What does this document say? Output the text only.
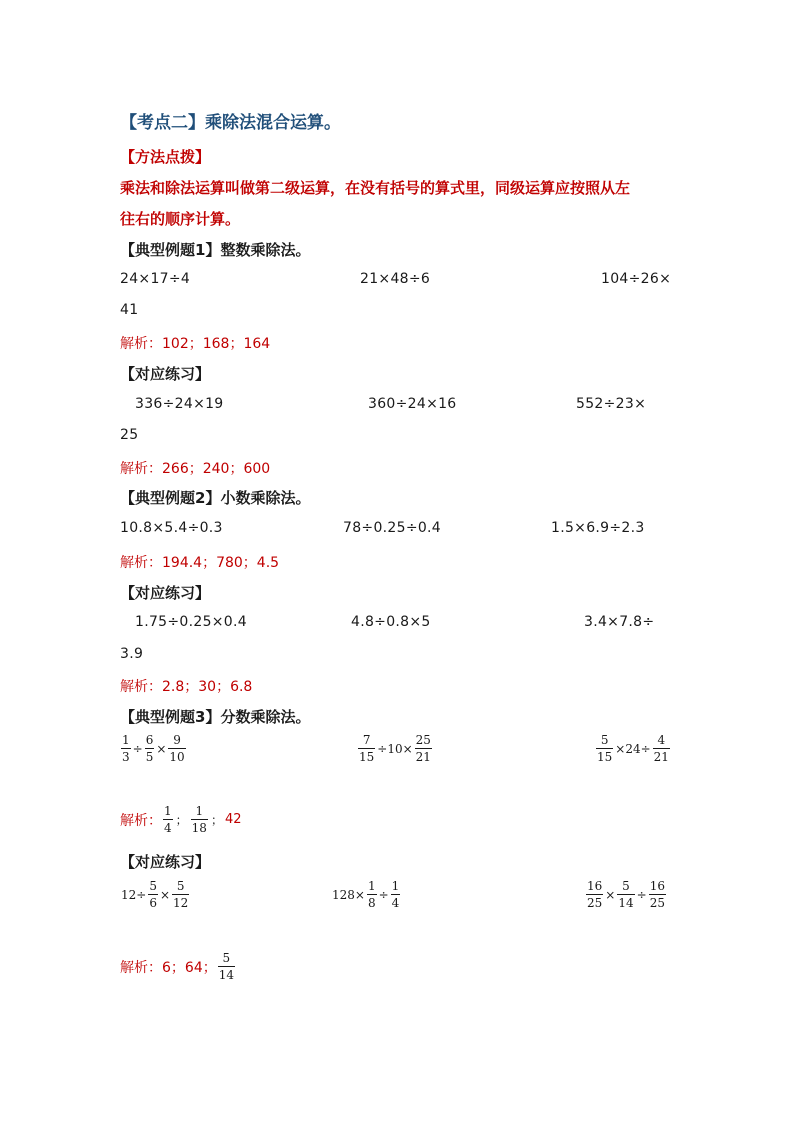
【考点二】乘除法混合运算。
【方法点拨】
乘法和除法运算叫做第二级运算，在没有括号的算式里，同级运算应按照从左
往右的顺序计算。
【典型例题1】整数乘除法。
24×17÷4	21×48÷6	104÷26×
41
解析：102；168；164
【对应练习】
336÷24×19	360÷24×16	552÷23×
25
解析：266；240；600
【典型例题2】小数乘除法。
10.8×5.4÷0.3	78÷0.25÷0.4	1.5×6.9÷2.3
解析：194.4；780；4.5
【对应练习】
1.75÷0.25×0.4	4.8÷0.8×5	3.4×7.8÷
3.9
解析：2.8；30；6.8
【典型例题3】分数乘除法。
$\frac{1}{3} \div \frac{6}{5} \times \frac{9}{10}$	$\frac{7}{15} \div 10\times \frac{25}{21}$	$\frac{5}{15} \times 24\div \frac{4}{21}$
解析： $\frac{1}{4}$ ； $\frac{1}{18}$ ； 42
【对应练习】
$12\div \frac{5}{6} \times \frac{5}{12}$	$128\times \frac{1}{8} \div \frac{1}{4}$	$\frac{16}{25} \times \frac{5}{14} \div \frac{16}{25}$
解析： 6；64； $\frac{5}{14}$
